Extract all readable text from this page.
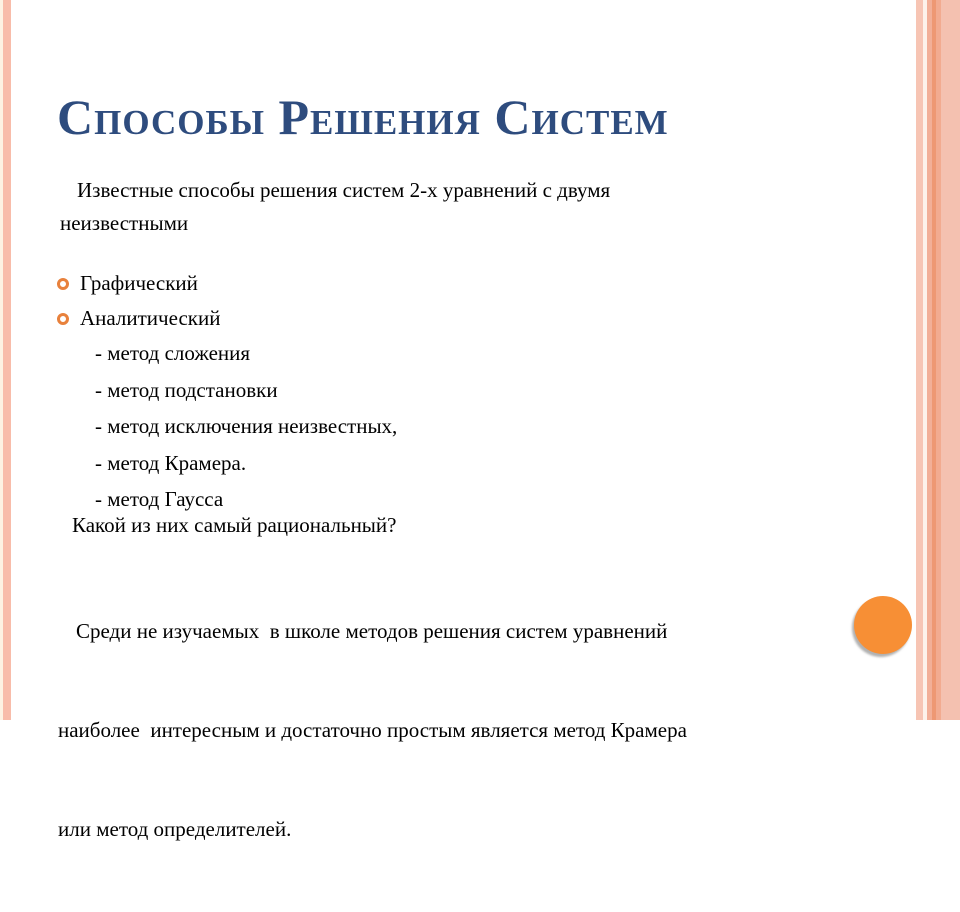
Способы Решения Систем
Известные способы решения систем 2-х уравнений с двумя
неизвестными
Графический
Аналитический
- метод сложения
- метод подстановки
- метод исключения неизвестных,
- метод Крамера.
- метод Гаусса
Какой из них самый рациональный?

Среди не изучаемых  в школе методов решения систем уравнений

наиболее  интересным и достаточно простым является метод Крамера

или метод определителей.
